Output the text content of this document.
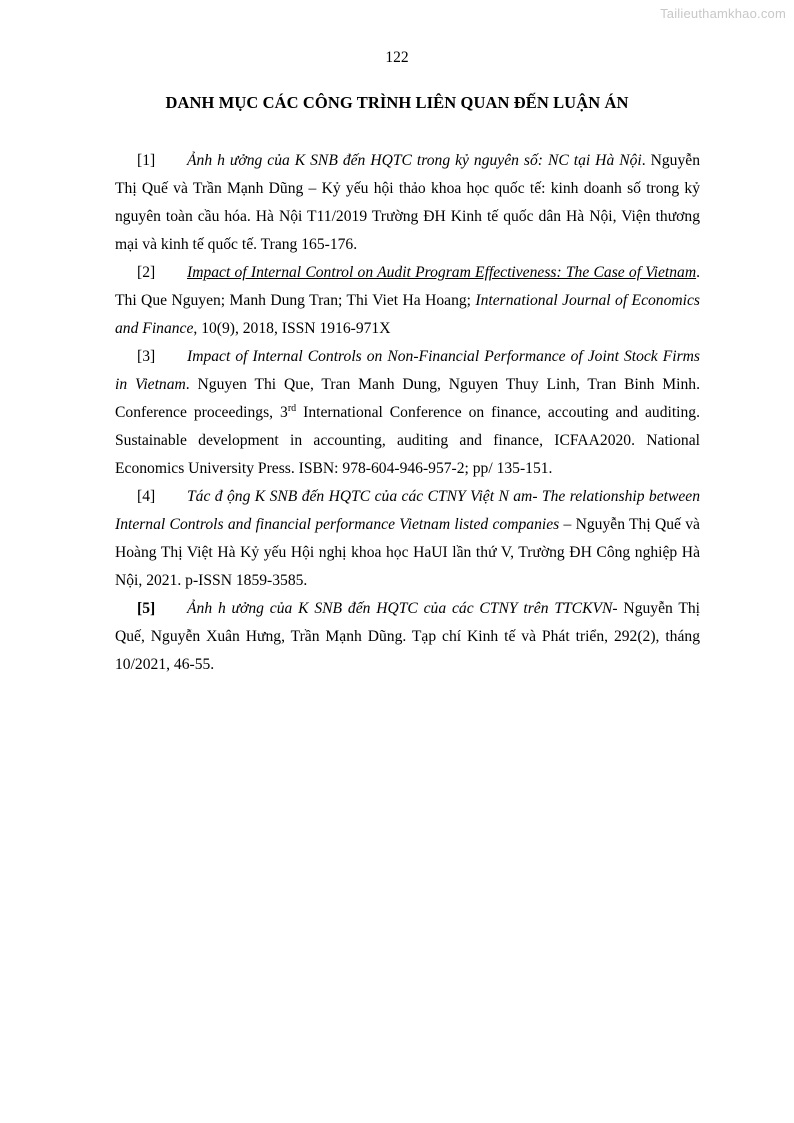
Tailieuthamkhao.com
122
DANH MỤC CÁC CÔNG TRÌNH LIÊN QUAN ĐẾN LUẬN ÁN

[1] Ảnh h ưởng của K SNB đến HQTC trong kỷ nguyên số: NC tại Hà Nội. Nguyễn Thị Quế và Trần Mạnh Dũng – Kỷ yếu hội thảo khoa học quốc tế: kinh doanh số trong kỷ nguyên toàn cầu hóa. Hà Nội T11/2019 Trường ĐH Kinh tế quốc dân Hà Nội, Viện thương mại và kinh tế quốc tế. Trang 165-176.

[2] Impact of Internal Control on Audit Program Effectiveness: The Case of Vietnam. Thi Que Nguyen; Manh Dung Tran; Thi Viet Ha Hoang; International Journal of Economics and Finance, 10(9), 2018, ISSN 1916-971X

[3] Impact of Internal Controls on Non-Financial Performance of Joint Stock Firms in Vietnam. Nguyen Thi Que, Tran Manh Dung, Nguyen Thuy Linh, Tran Binh Minh. Conference proceedings, 3rd International Conference on finance, accouting and auditing. Sustainable development in accounting, auditing and finance, ICFAA2020. National Economics University Press. ISBN: 978-604-946-957-2; pp/ 135-151.

[4] Tác đ ộng K SNB đến HQTC của các CTNY Việt N am- The relationship between Internal Controls and financial performance Vietnam listed companies – Nguyễn Thị Quế và Hoàng Thị Việt Hà Kỷ yếu Hội nghị khoa học HaUI lần thứ V, Trường ĐH Công nghiệp Hà Nội, 2021. p-ISSN 1859-3585.

[5] Ảnh h ưởng của K SNB đến HQTC của các CTNY trên TTCKVN- Nguyễn Thị Quế, Nguyễn Xuân Hưng, Trần Mạnh Dũng. Tạp chí Kinh tế và Phát triển, 292(2), tháng 10/2021, 46-55.
